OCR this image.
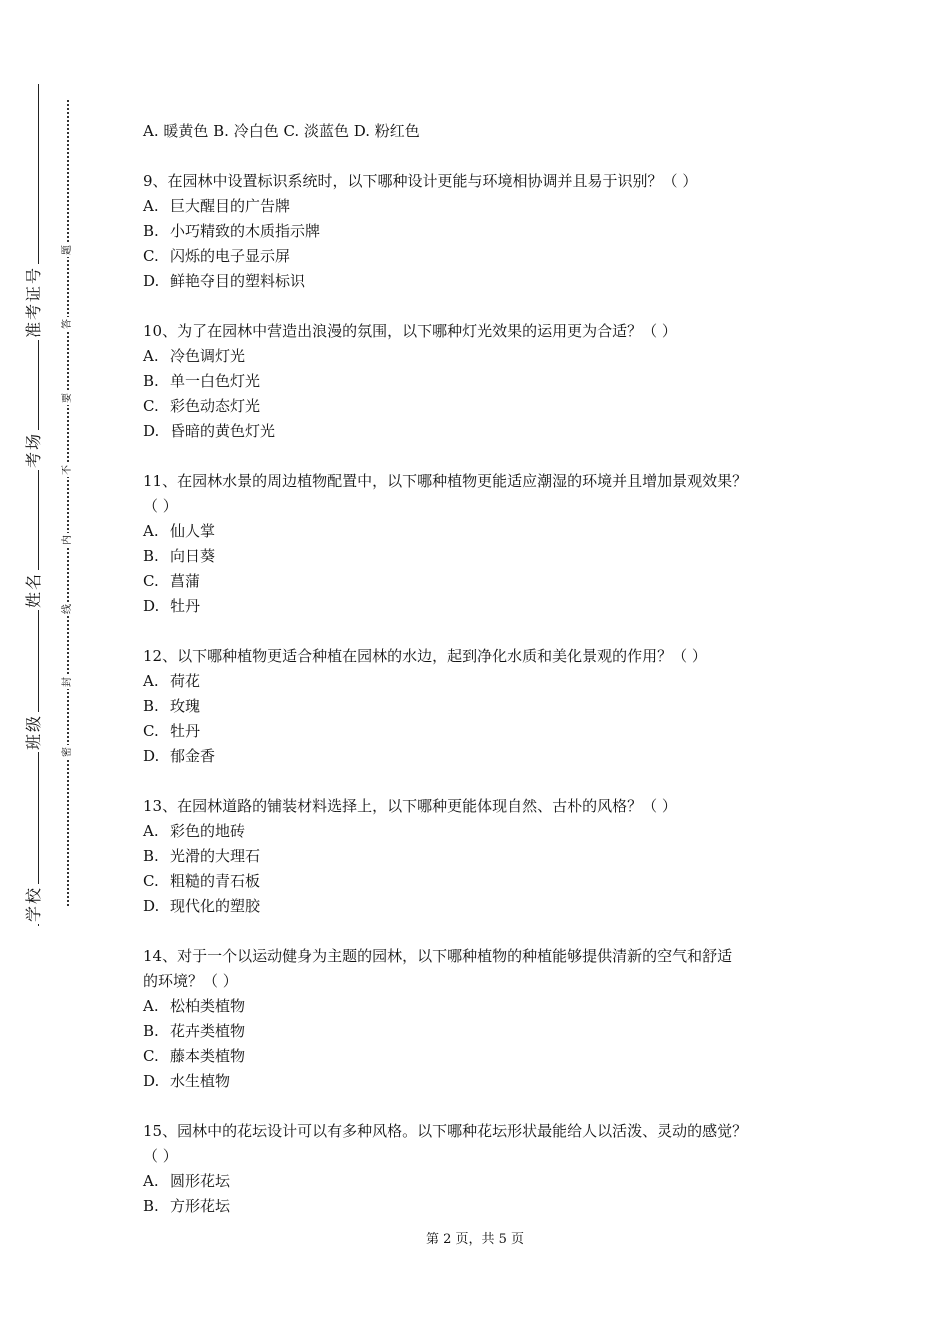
准考证号
考场
姓名
班级
学校
题
答
要
不
内
线
封
密
A. 暖黄色 B. 冷白色 C. 淡蓝色 D. 粉红色
9、在园林中设置标识系统时，以下哪种设计更能与环境相协调并且易于识别？（ ）
A. 巨大醒目的广告牌
B. 小巧精致的木质指示牌
C. 闪烁的电子显示屏
D. 鲜艳夺目的塑料标识
10、为了在园林中营造出浪漫的氛围，以下哪种灯光效果的运用更为合适？（ ）
A. 冷色调灯光
B. 单一白色灯光
C. 彩色动态灯光
D. 昏暗的黄色灯光
11、在园林水景的周边植物配置中，以下哪种植物更能适应潮湿的环境并且增加景观效果？
（ ）
A. 仙人掌
B. 向日葵
C. 菖蒲
D. 牡丹
12、以下哪种植物更适合种植在园林的水边，起到净化水质和美化景观的作用？（ ）
A. 荷花
B. 玫瑰
C. 牡丹
D. 郁金香
13、在园林道路的铺装材料选择上，以下哪种更能体现自然、古朴的风格？（ ）
A. 彩色的地砖
B. 光滑的大理石
C. 粗糙的青石板
D. 现代化的塑胶
14、对于一个以运动健身为主题的园林，以下哪种植物的种植能够提供清新的空气和舒适
的环境？（ ）
A. 松柏类植物
B. 花卉类植物
C. 藤本类植物
D. 水生植物
15、园林中的花坛设计可以有多种风格。以下哪种花坛形状最能给人以活泼、灵动的感觉？
（ ）
A. 圆形花坛
B. 方形花坛
第 2 页，共 5 页
